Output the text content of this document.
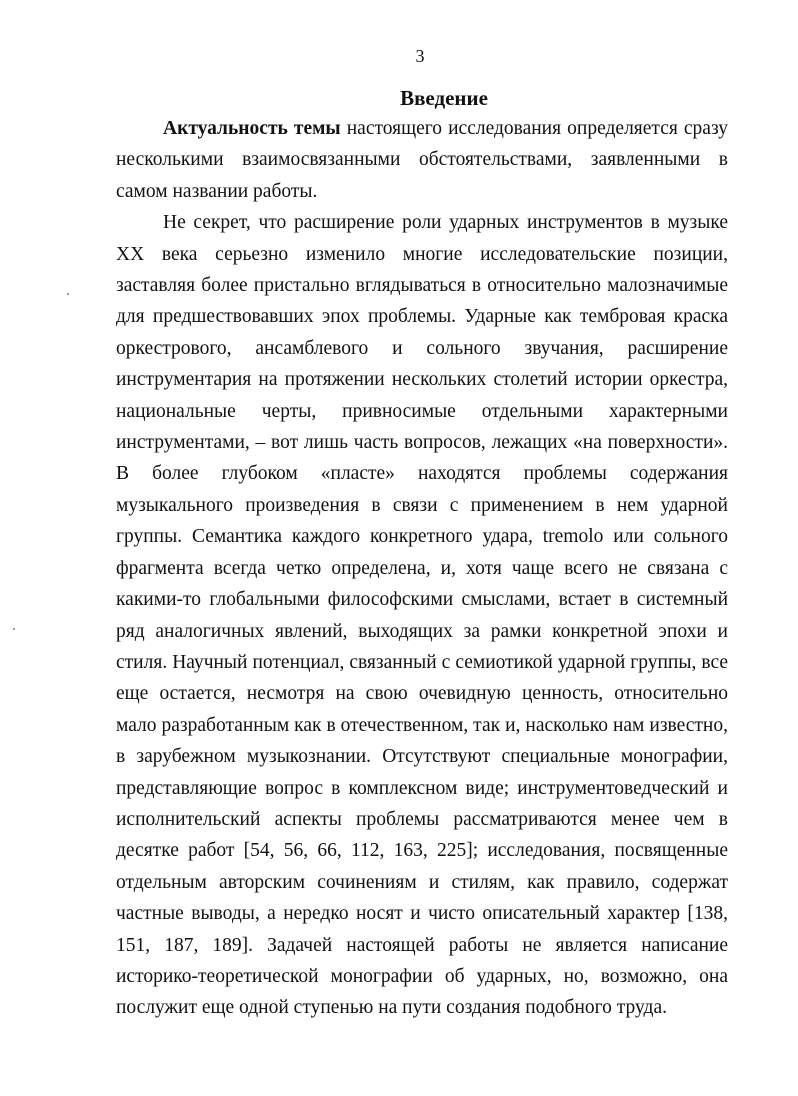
3
Введение

Актуальность темы настоящего исследования определяется сразу несколькими взаимосвязанными обстоятельствами, заявленными в самом названии работы.

Не секрет, что расширение роли ударных инструментов в музыке XX века серьезно изменило многие исследовательские позиции, заставляя более пристально вглядываться в относительно малозначимые для предшествовавших эпох проблемы. Ударные как тембровая краска оркестрового, ансамблевого и сольного звучания, расширение инструментария на протяжении нескольких столетий истории оркестра, национальные черты, привносимые отдельными характерными инструментами, – вот лишь часть вопросов, лежащих «на поверхности». В более глубоком «пласте» находятся проблемы содержания музыкального произведения в связи с применением в нем ударной группы. Семантика каждого конкретного удара, tremolo или сольного фрагмента всегда четко определена, и, хотя чаще всего не связана с какими-то глобальными философскими смыслами, встает в системный ряд аналогичных явлений, выходящих за рамки конкретной эпохи и стиля. Научный потенциал, связанный с семиотикой ударной группы, все еще остается, несмотря на свою очевидную ценность, относительно мало разработанным как в отечественном, так и, насколько нам известно, в зарубежном музыкознании. Отсутствуют специальные монографии, представляющие вопрос в комплексном виде; инструментоведческий и исполнительский аспекты проблемы рассматриваются менее чем в десятке работ [54, 56, 66, 112, 163, 225]; исследования, посвященные отдельным авторским сочинениям и стилям, как правило, содержат частные выводы, а нередко носят и чисто описательный характер [138, 151, 187, 189]. Задачей настоящей работы не является написание историко-теоретической монографии об ударных, но, возможно, она послужит еще одной ступенью на пути создания подобного труда.
